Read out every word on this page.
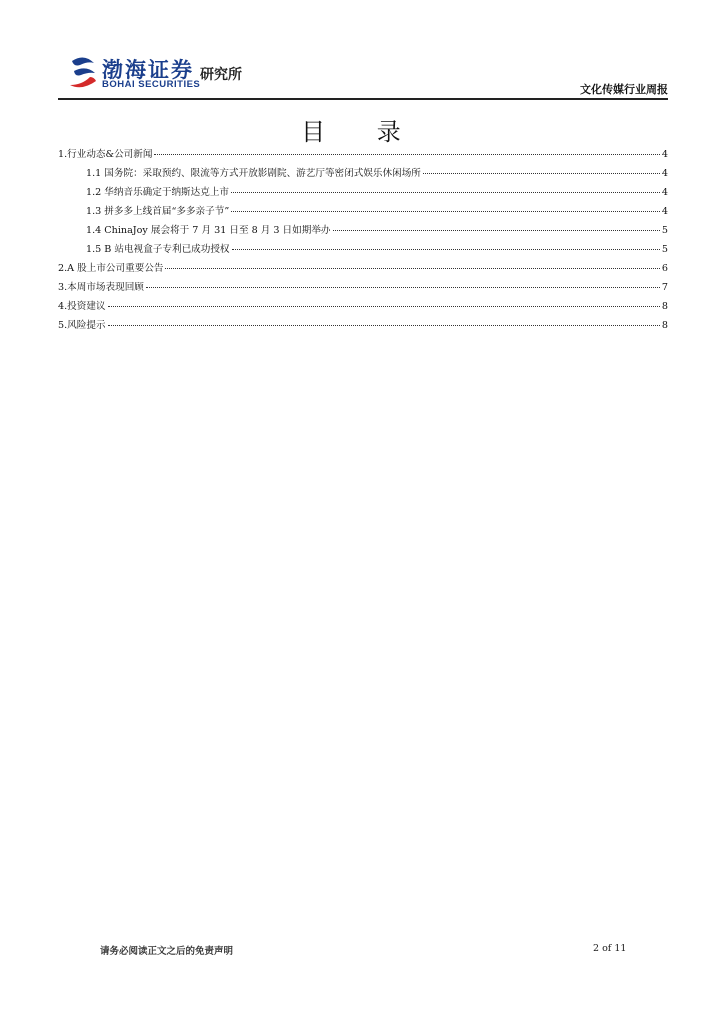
渤海证券
BOHAI SECURITIES
研究所
文化传媒行业周报
目 录
1.行业动态&公司新闻	4
1.1 国务院：采取预约、限流等方式开放影剧院、游艺厅等密闭式娱乐休闲场所	4
1.2 华纳音乐确定于纳斯达克上市	4
1.3 拼多多上线首届“多多亲子节”	4
1.4 ChinaJoy 展会将于 7 月 31 日至 8 月 3 日如期举办	5
1.5 B 站电视盒子专利已成功授权	5
2.A 股上市公司重要公告	6
3.本周市场表现回顾	7
4.投资建议	8
5.风险提示	8
请务必阅读正文之后的免责声明	2 of 11
